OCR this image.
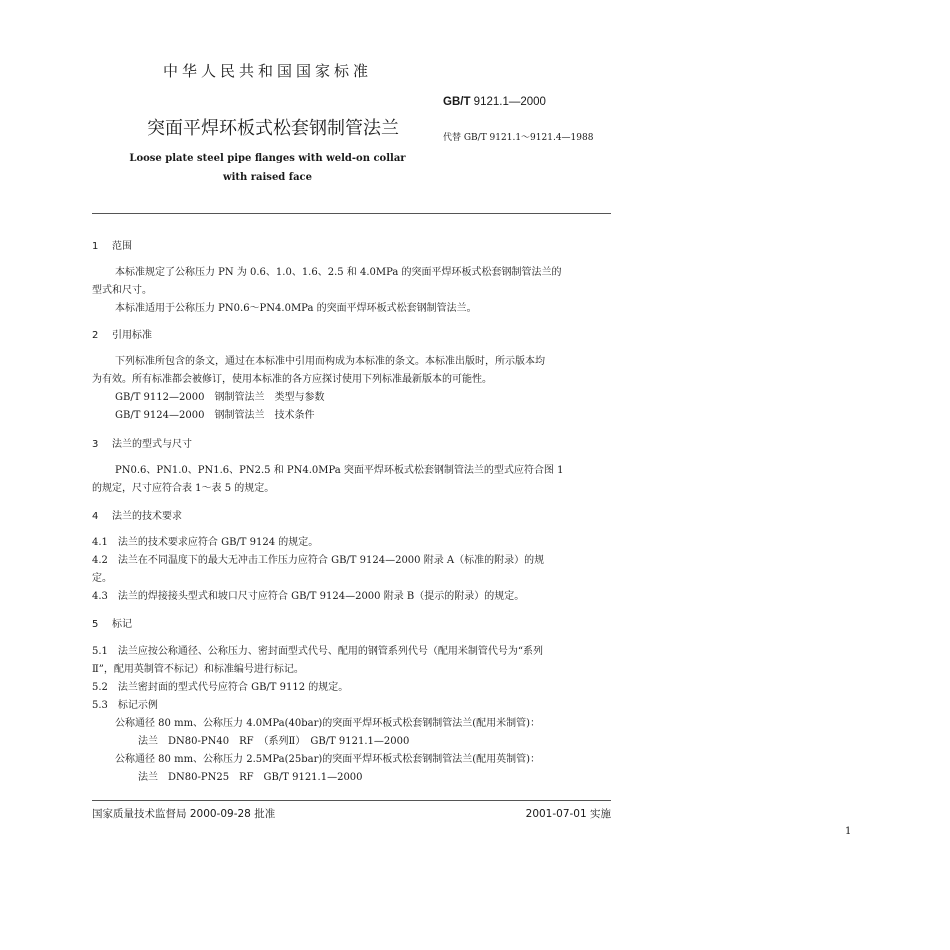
中华人民共和国国家标准
GB/T 9121.1—2000
突面平焊环板式松套钢制管法兰	代替 GB/T 9121.1～9121.4—1988
Loose plate steel pipe flanges with weld-on collar
with raised face
1 范围
本标准规定了公称压力 PN 为 0.6、1.0、1.6、2.5 和 4.0MPa 的突面平焊环板式松套钢制管法兰的
型式和尺寸。
本标准适用于公称压力 PN0.6～PN4.0MPa 的突面平焊环板式松套钢制管法兰。
2 引用标准
下列标准所包含的条文，通过在本标准中引用而构成为本标准的条文。本标准出版时，所示版本均
为有效。所有标准都会被修订，使用本标准的各方应探讨使用下列标准最新版本的可能性。
GB/T 9112—2000　钢制管法兰　类型与参数
GB/T 9124—2000　钢制管法兰　技术条件
3 法兰的型式与尺寸
PN0.6、PN1.0、PN1.6、PN2.5 和 PN4.0MPa 突面平焊环板式松套钢制管法兰的型式应符合图 1
的规定，尺寸应符合表 1～表 5 的规定。
4 法兰的技术要求
4.1　法兰的技术要求应符合 GB/T 9124 的规定。
4.2　法兰在不同温度下的最大无冲击工作压力应符合 GB/T 9124—2000 附录 A（标准的附录）的规
定。
4.3　法兰的焊接接头型式和坡口尺寸应符合 GB/T 9124—2000 附录 B（提示的附录）的规定。
5 标记
5.1　法兰应按公称通径、公称压力、密封面型式代号、配用的钢管系列代号（配用米制管代号为“系列
Ⅱ”，配用英制管不标记）和标准编号进行标记。
5.2　法兰密封面的型式代号应符合 GB/T 9112 的规定。
5.3　标记示例
公称通径 80 mm、公称压力 4.0MPa(40bar)的突面平焊环板式松套钢制管法兰(配用米制管)：
法兰　DN80-PN40　RF　（系列Ⅱ）　GB/T 9121.1—2000
公称通径 80 mm、公称压力 2.5MPa(25bar)的突面平焊环板式松套钢制管法兰(配用英制管)：
法兰　DN80-PN25　RF　GB/T 9121.1—2000
国家质量技术监督局 2000-09-28 批准	2001-07-01 实施
1
